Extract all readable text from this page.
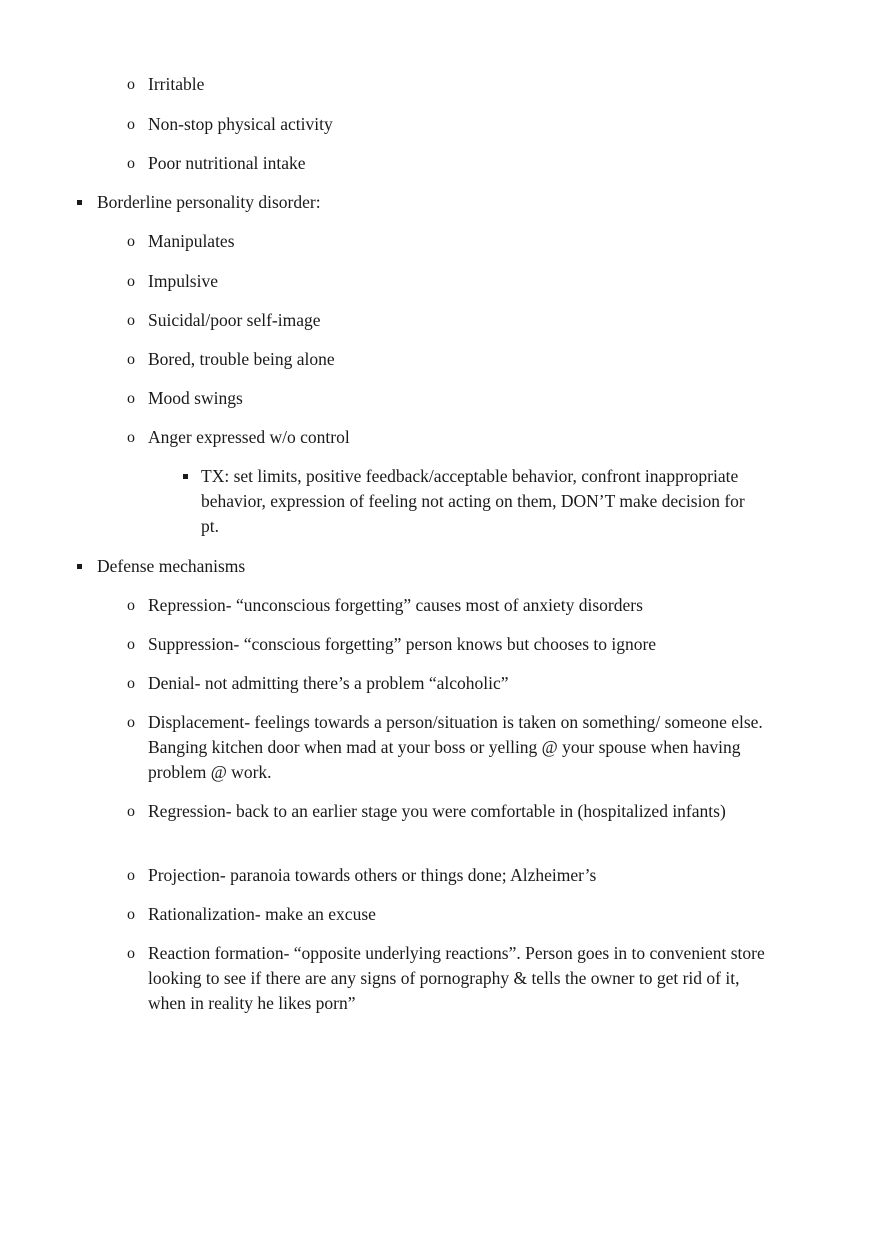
o Irritable
o Non-stop physical activity
o Poor nutritional intake
Borderline personality disorder:
o Manipulates
o Impulsive
o Suicidal/poor self-image
o Bored, trouble being alone
o Mood swings
o Anger expressed w/o control
TX: set limits, positive feedback/acceptable behavior, confront inappropriate behavior, expression of feeling not acting on them, DON’T make decision for pt.
Defense mechanisms
o Repression- “unconscious forgetting” causes most of anxiety disorders
o Suppression- “conscious forgetting” person knows but chooses to ignore
o Denial- not admitting there’s a problem “alcoholic”
o Displacement- feelings towards a person/situation is taken on something/ someone else. Banging kitchen door when mad at your boss or yelling @ your spouse when having problem @ work.
o Regression- back to an earlier stage you were comfortable in (hospitalized infants)
o Projection- paranoia towards others or things done; Alzheimer’s
o Rationalization- make an excuse
o Reaction formation- “opposite underlying reactions”. Person goes in to convenient store looking to see if there are any signs of pornography & tells the owner to get rid of it, when in reality he likes porn”
